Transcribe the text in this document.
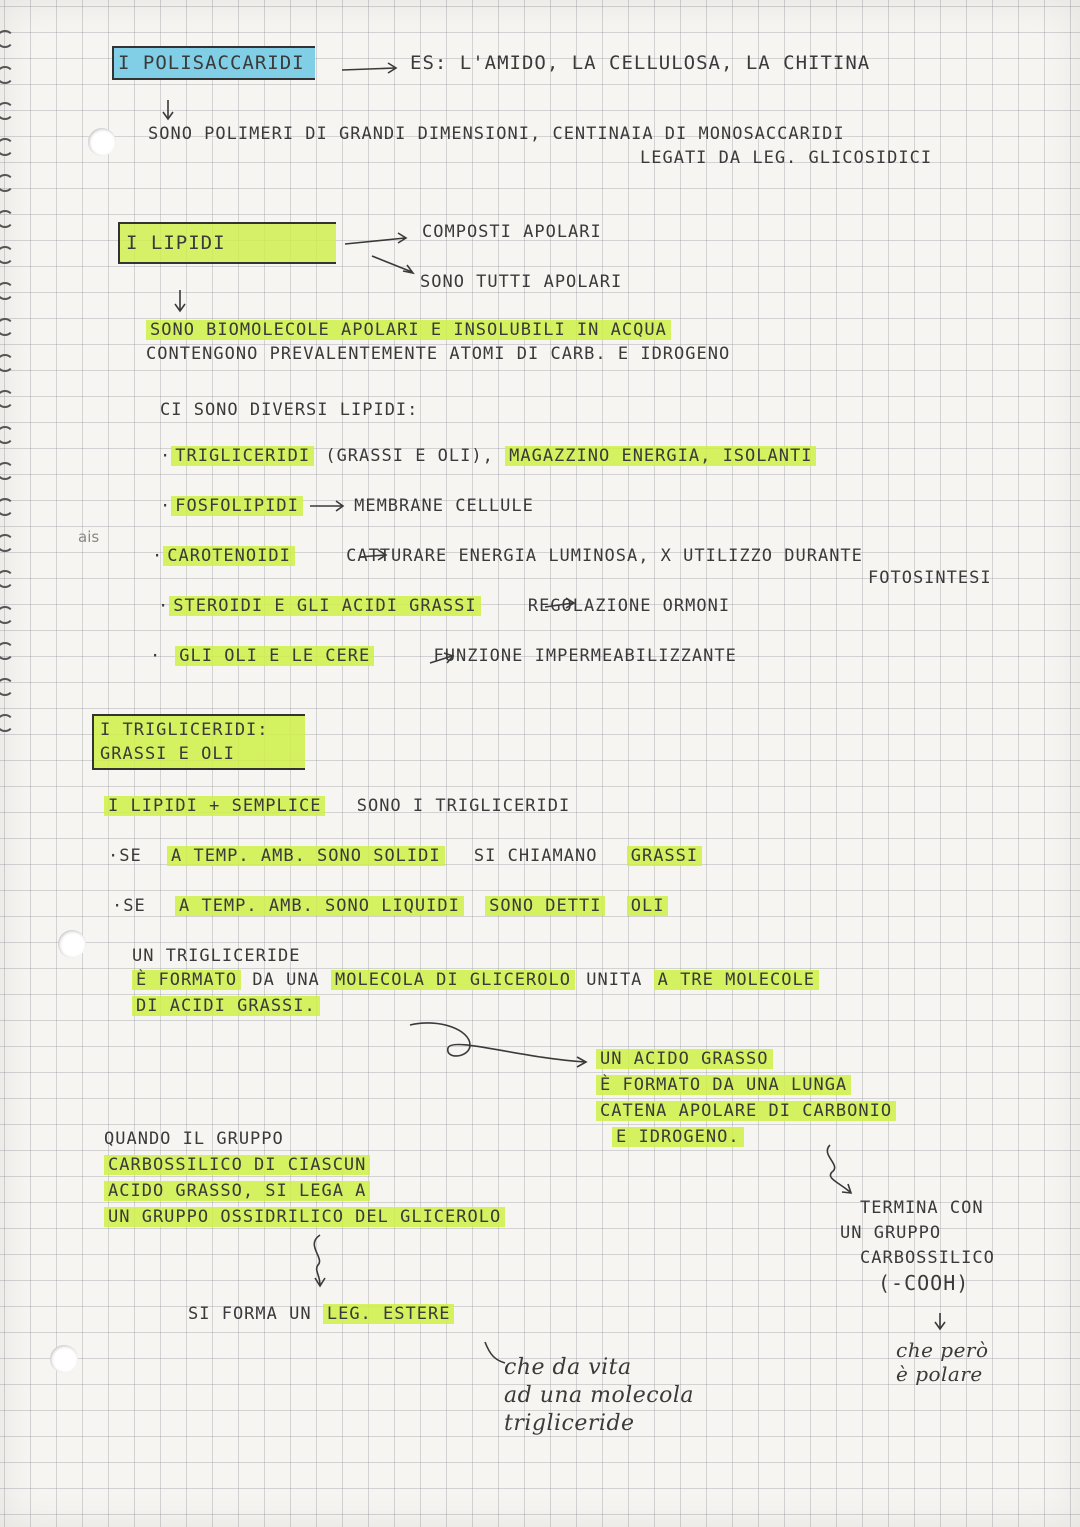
ais
I POLISACCARIDI	ES: L'AMIDO, LA CELLULOSA, LA CHITINA
SONO POLIMERI DI GRANDI DIMENSIONI, CENTINAIA DI MONOSACCARIDI
LEGATI DA LEG. GLICOSIDICI
I LIPIDI	COMPOSTI APOLARI
SONO TUTTI APOLARI
SONO BIOMOLECOLE APOLARI E INSOLUBILI IN ACQUA
CONTENGONO PREVALENTEMENTE ATOMI DI CARB. E IDROGENO
CI SONO DIVERSI LIPIDI:
· TRIGLICERIDI (GRASSI E OLI), MAGAZZINO ENERGIA, ISOLANTI
· FOSFOLIPIDI	MEMBRANE CELLULE
· CAROTENOIDI	CATTURARE ENERGIA LUMINOSA, X UTILIZZO DURANTE
FOTOSINTESI
· STEROIDI E GLI ACIDI GRASSI	REGOLAZIONE ORMONI
· GLI OLI E LE CERE	FUNZIONE IMPERMEABILIZZANTE
I TRIGLICERIDI:
GRASSI E OLI
I LIPIDI + SEMPLICE SONO I TRIGLICERIDI
·SE A TEMP. AMB. SONO SOLIDI SI CHIAMANO GRASSI
·SE A TEMP. AMB. SONO LIQUIDI SONO DETTI OLI
UN TRIGLICERIDE
È FORMATO DA UNA MOLECOLA DI GLICEROLO UNITA A TRE MOLECOLE
DI ACIDI GRASSI.
UN ACIDO GRASSO
È FORMATO DA UNA LUNGA
CATENA APOLARE DI CARBONIO
E IDROGENO.
TERMINA CON
UN GRUPPO
CARBOSSILICO
(-COOH)
che però
è polare
QUANDO IL GRUPPO
CARBOSSILICO DI CIASCUN
ACIDO GRASSO, SI LEGA A
UN GRUPPO OSSIDRILICO DEL GLICEROLO
SI FORMA UN LEG. ESTERE
che da vita
ad una molecola
trigliceride
